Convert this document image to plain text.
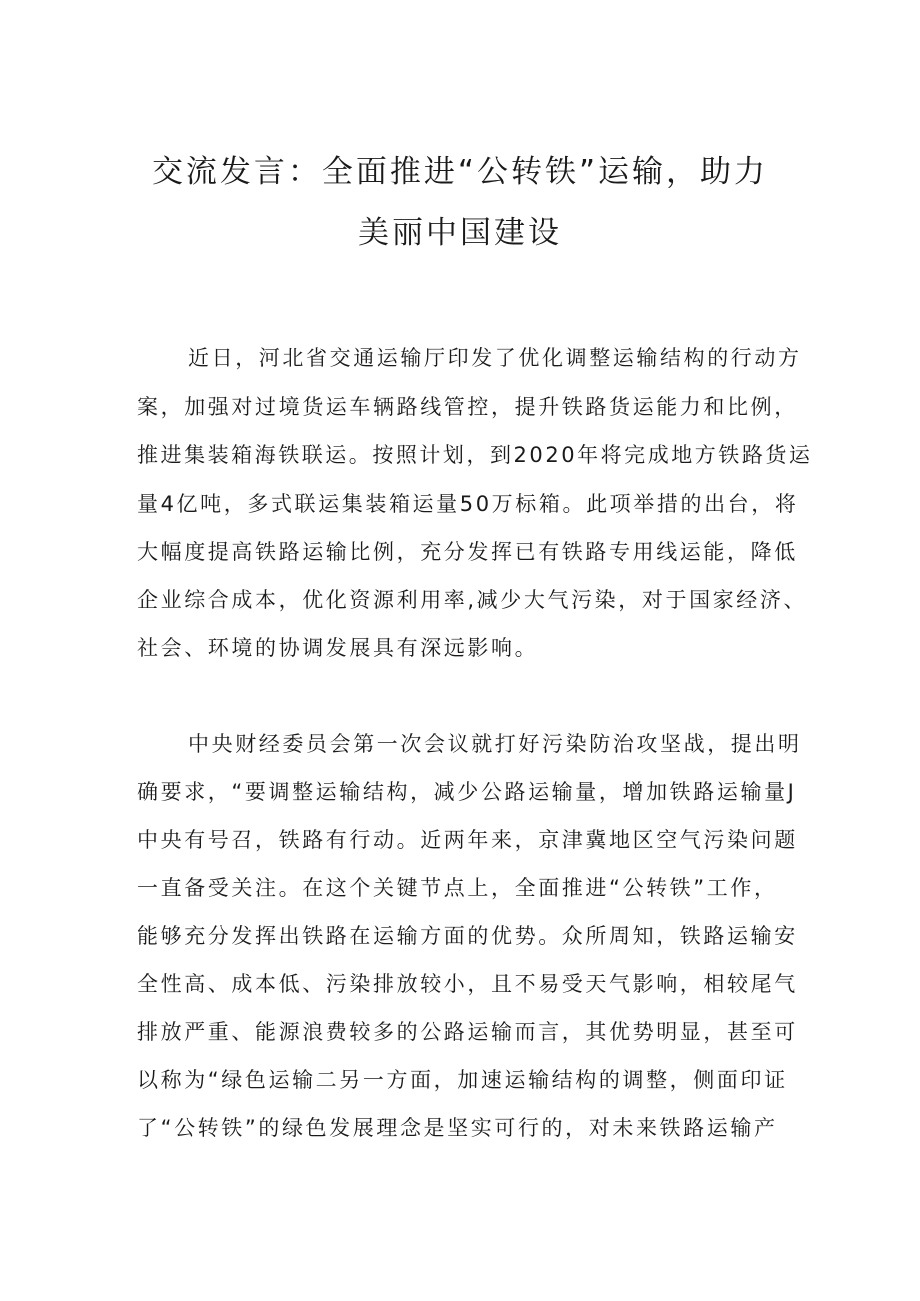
交流发言：全面推进“公转铁”运输，助力
美丽中国建设
近日，河北省交通运输厅印发了优化调整运输结构的行动方
案，加强对过境货运车辆路线管控，提升铁路货运能力和比例，
推进集装箱海铁联运。按照计划，到2020年将完成地方铁路货运
量4亿吨，多式联运集装箱运量50万标箱。此项举措的出台，将
大幅度提高铁路运输比例，充分发挥已有铁路专用线运能，降低
企业综合成本，优化资源利用率,减少大气污染，对于国家经济、
社会、环境的协调发展具有深远影响。
中央财经委员会第一次会议就打好污染防治攻坚战，提出明
确要求，“要调整运输结构，减少公路运输量，增加铁路运输量J
中央有号召，铁路有行动。近两年来，京津冀地区空气污染问题
一直备受关注。在这个关键节点上，全面推进“公转铁”工作，
能够充分发挥出铁路在运输方面的优势。众所周知，铁路运输安
全性高、成本低、污染排放较小，且不易受天气影响，相较尾气
排放严重、能源浪费较多的公路运输而言，其优势明显，甚至可
以称为“绿色运输二另一方面，加速运输结构的调整，侧面印证
了“公转铁”的绿色发展理念是坚实可行的，对未来铁路运输产
